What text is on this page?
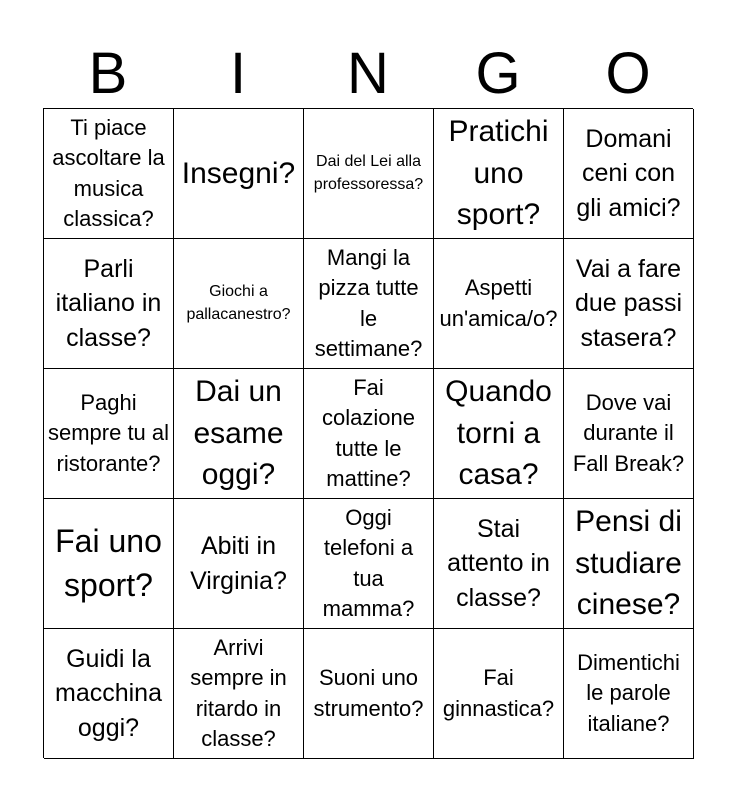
B	I	N	G	O
Ti piace ascoltare la musica classica?
Insegni?	Dai del Lei alla professoressa?
Pratichi uno sport?
Domani ceni con gli amici?
Parli italiano in classe?
Giochi a pallacanestro?
Mangi la pizza tutte le settimane?
Aspetti un'amica/o?
Vai a fare due passi stasera?
Paghi sempre tu al ristorante?
Dai un esame oggi?
Fai colazione tutte le mattine?
Quando torni a casa?
Dove vai durante il Fall Break?
Fai uno sport?
Abiti in Virginia?
Oggi telefoni a tua mamma?
Stai attento in classe?
Pensi di studiare cinese?
Guidi la macchina oggi?
Arrivi sempre in ritardo in classe?
Suoni uno strumento?
Fai ginnastica?
Dimentichi le parole italiane?
